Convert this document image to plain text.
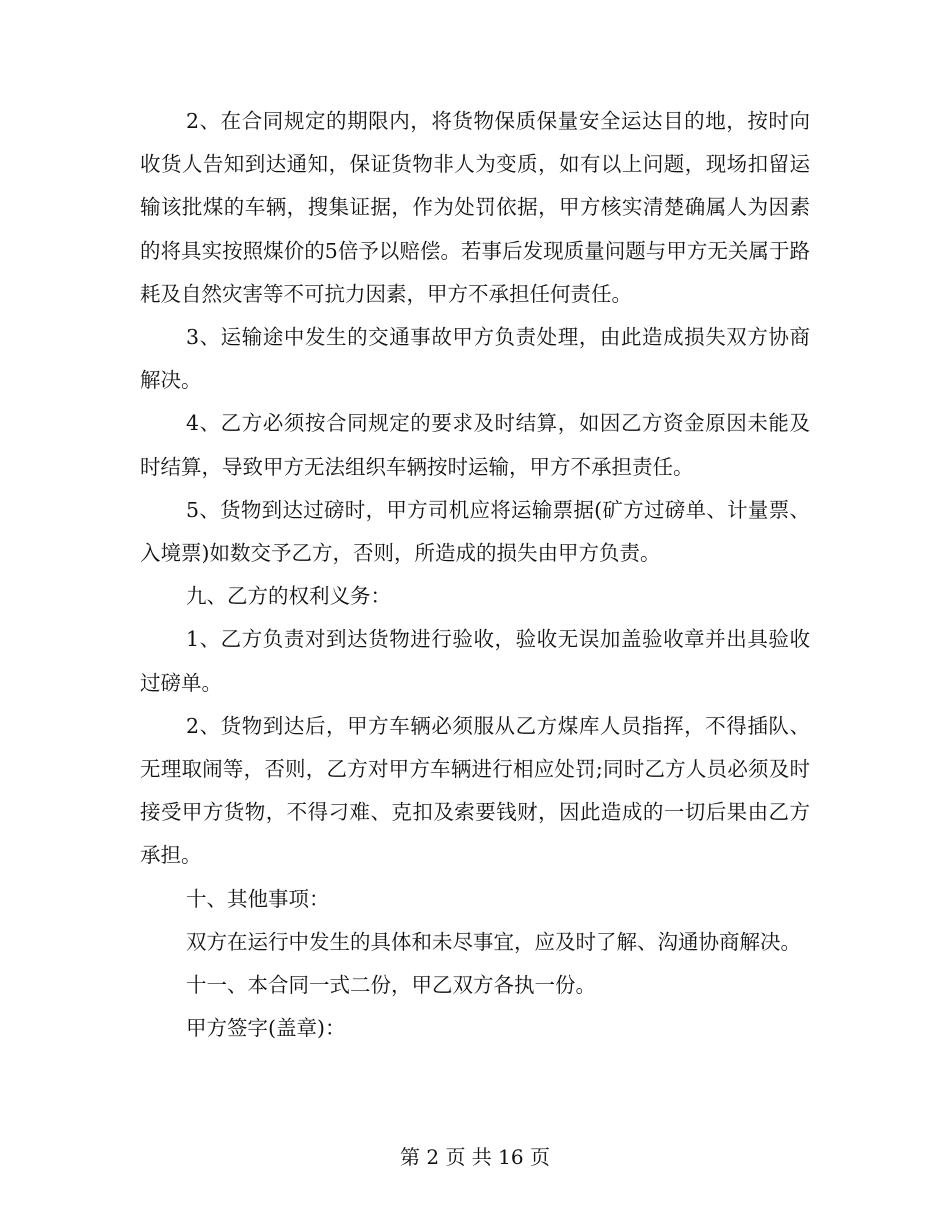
2、在合同规定的期限内，将货物保质保量安全运达目的地，按时向收货人告知到达通知，保证货物非人为变质，如有以上问题，现场扣留运输该批煤的车辆，搜集证据，作为处罚依据，甲方核实清楚确属人为因素的将具实按照煤价的5倍予以赔偿。若事后发现质量问题与甲方无关属于路耗及自然灾害等不可抗力因素，甲方不承担任何责任。

3、运输途中发生的交通事故甲方负责处理，由此造成损失双方协商解决。

4、乙方必须按合同规定的要求及时结算，如因乙方资金原因未能及时结算，导致甲方无法组织车辆按时运输，甲方不承担责任。

5、货物到达过磅时，甲方司机应将运输票据(矿方过磅单、计量票、入境票)如数交予乙方，否则，所造成的损失由甲方负责。

九、乙方的权利义务：

1、乙方负责对到达货物进行验收，验收无误加盖验收章并出具验收过磅单。

2、货物到达后，甲方车辆必须服从乙方煤库人员指挥，不得插队、无理取闹等，否则，乙方对甲方车辆进行相应处罚;同时乙方人员必须及时接受甲方货物，不得刁难、克扣及索要钱财，因此造成的一切后果由乙方承担。

十、其他事项：

双方在运行中发生的具体和未尽事宜，应及时了解、沟通协商解决。

十一、本合同一式二份，甲乙双方各执一份。

甲方签字(盖章)：

第 2 页 共 16 页
